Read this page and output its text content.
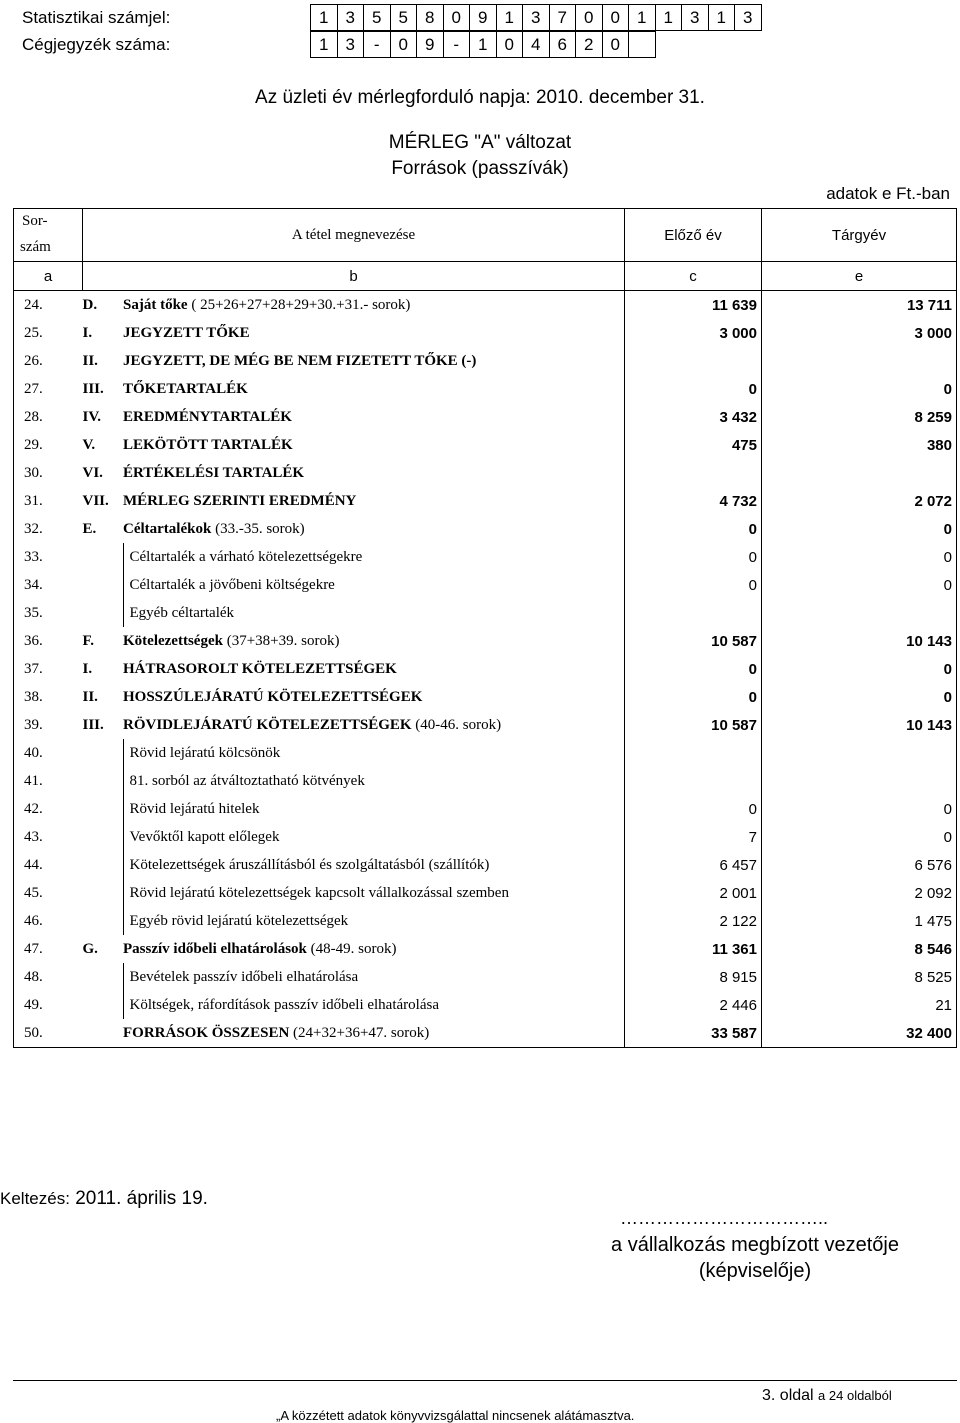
Statisztikai számjel:	1	3	5	5	8	0	9	1	3	7	0	0	1	1	3	1	3
Cégjegyzék száma:	1	3	-	0	9	-	1	0	4	6	2	0					
Az üzleti év mérlegforduló napja: 2010. december 31.
MÉRLEG "A" változat
Források (passzívák)
adatok e Ft.-ban
Sor-
szám	A tétel megnevezése		Előző év	Tárgyév
a	b		c	e
24.	D.	Saját tőke ( 25+26+27+28+29+30.+31.- sorok)	11 639	13 711
25.	I.	JEGYZETT TŐKE	3 000	3 000
26.	II.	JEGYZETT, DE MÉG BE NEM FIZETETT TŐKE (-)		
27.	III.	TŐKETARTALÉK	0	0
28.	IV.	EREDMÉNYTARTALÉK	3 432	8 259
29.	V.	LEKÖTÖTT TARTALÉK	475	380
30.	VI.	ÉRTÉKELÉSI TARTALÉK		
31.	VII.	MÉRLEG SZERINTI EREDMÉNY	4 732	2 072
32.	E.	Céltartalékok (33.-35. sorok)	0	0
33.		Céltartalék a várható kötelezettségekre	0	0
34.		Céltartalék a jövőbeni költségekre	0	0
35.		Egyéb céltartalék		
36.	F.	Kötelezettségek (37+38+39. sorok)	10 587	10 143
37.	I.	HÁTRASOROLT KÖTELEZETTSÉGEK	0	0
38.	II.	HOSSZÚLEJÁRATÚ KÖTELEZETTSÉGEK	0	0
39.	III.	RÖVIDLEJÁRATÚ KÖTELEZETTSÉGEK (40-46. sorok)	10 587	10 143
40.		Rövid lejáratú kölcsönök		
41.		81. sorból az átváltoztatható kötvények		
42.		Rövid lejáratú hitelek	0	0
43.		Vevőktől kapott előlegek	7	0
44.		Kötelezettségek áruszállításból és szolgáltatásból (szállítók)	6 457	6 576
45.		Rövid lejáratú kötelezettségek kapcsolt vállalkozással szemben	2 001	2 092
46.		Egyéb rövid lejáratú kötelezettségek	2 122	1 475
47.	G.	Passzív időbeli elhatárolások (48-49. sorok)	11 361	8 546
48.		Bevételek passzív időbeli elhatárolása	8 915	8 525
49.		Költségek, ráfordítások passzív időbeli elhatárolása	2 446	21
50.		FORRÁSOK ÖSSZESEN (24+32+36+47. sorok)	33 587	32 400
Keltezés: 2011. április 19.
……………………………..
a vállalkozás megbízott vezetője
(képviselője)
3. oldal a 24 oldalból
„A közzétett adatok könyvvizsgálattal nincsenek alátámasztva.
